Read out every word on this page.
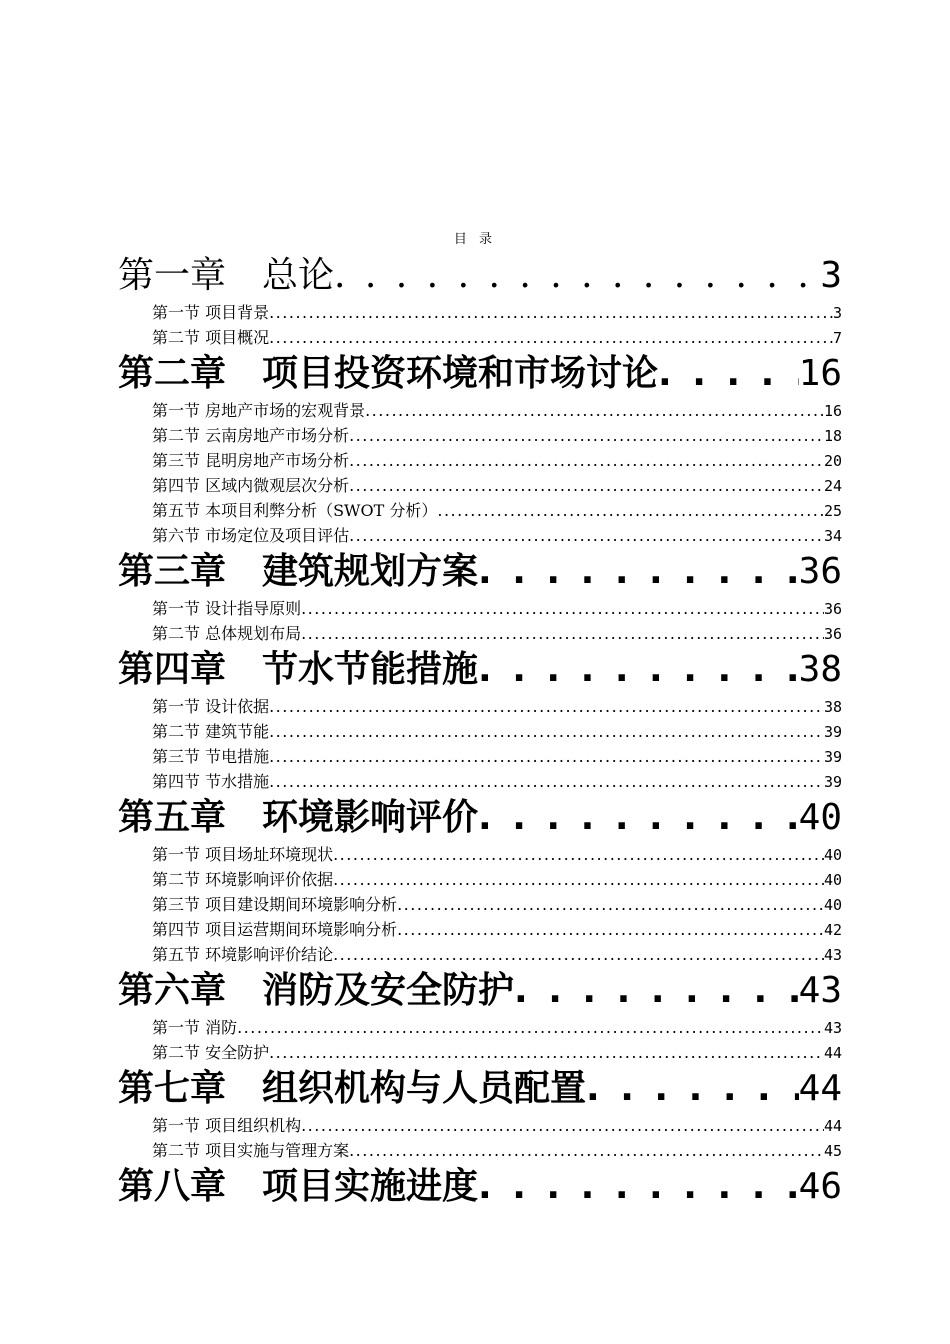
目 录
第一章　总论 . . .	3
第一节 项目背景 .....	3
第二节 项目概况 .....	7
第二章　项目投资环境和市场讨论 . . .	16
第一节 房地产市场的宏观背景 .....	16
第二节 云南房地产市场分析 .....	18
第三节 昆明房地产市场分析 .....	20
第四节 区域内微观层次分析 .....	24
第五节 本项目利弊分析（SWOT 分析） .....	25
第六节 市场定位及项目评估 .....	34
第三章　建筑规划方案 . . .	36
第一节 设计指导原则 .....	36
第二节 总体规划布局 .....	36
第四章　节水节能措施 . . .	38
第一节 设计依据 .....	38
第二节 建筑节能 .....	39
第三节 节电措施 .....	39
第四节 节水措施 .....	39
第五章　环境影响评价 . . .	40
第一节 项目场址环境现状 .....	40
第二节 环境影响评价依据 .....	40
第三节 项目建设期间环境影响分析 .....	40
第四节 项目运营期间环境影响分析 .....	42
第五节 环境影响评价结论 .....	43
第六章　消防及安全防护 . . .	43
第一节 消防 .....	43
第二节 安全防护 .....	44
第七章　组织机构与人员配置 . . .	44
第一节 项目组织机构 .....	44
第二节 项目实施与管理方案 .....	45
第八章　项目实施进度 . . .	46
